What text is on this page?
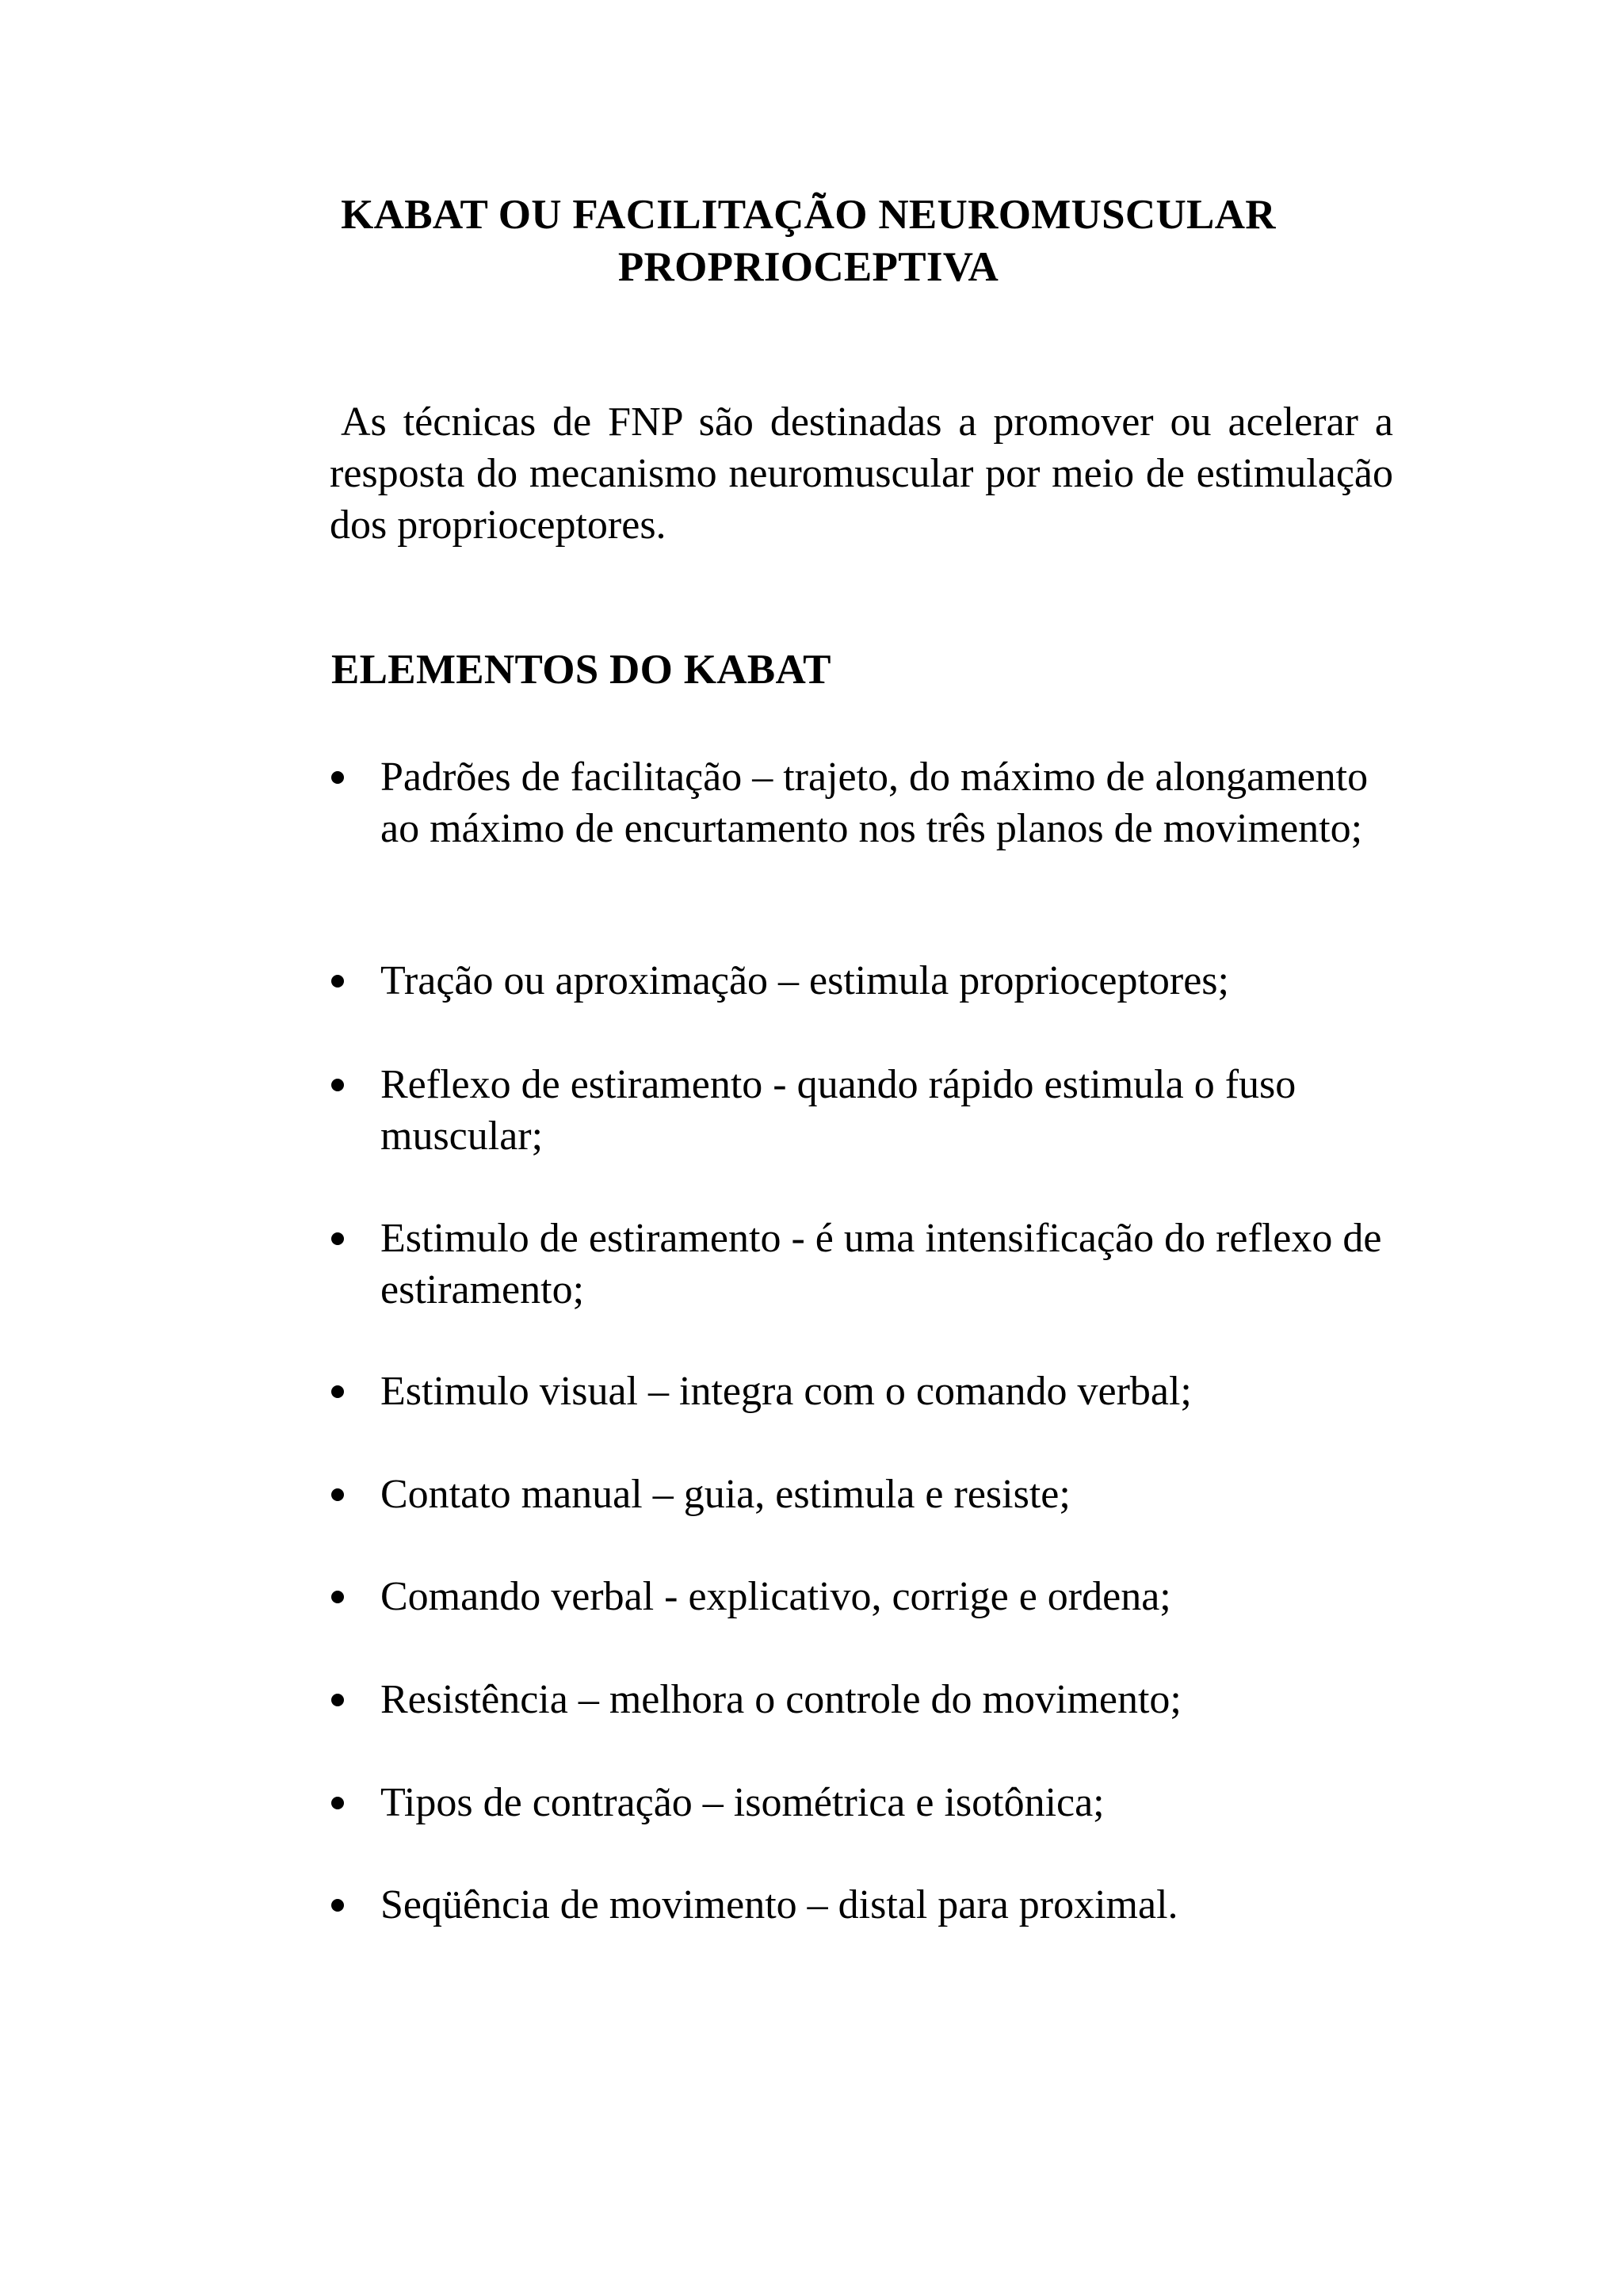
KABAT OU FACILITAÇÃO NEUROMUSCULAR
PROPRIOCEPTIVA

As técnicas de FNP são destinadas a promover ou acelerar a resposta do mecanismo neuromuscular por meio de estimulação dos proprioceptores.

ELEMENTOS DO KABAT
Padrões de facilitação – trajeto, do máximo de alongamento ao máximo de encurtamento nos três planos de movimento;
Tração ou aproximação – estimula proprioceptores;
Reflexo de estiramento - quando rápido estimula o fuso muscular;
Estimulo de estiramento - é uma intensificação do reflexo de estiramento;
Estimulo visual – integra com o comando verbal;
Contato manual – guia, estimula e resiste;
Comando verbal - explicativo, corrige e ordena;
Resistência – melhora o controle do movimento;
Tipos de contração – isométrica e isotônica;
Seqüência de movimento – distal para proximal.
